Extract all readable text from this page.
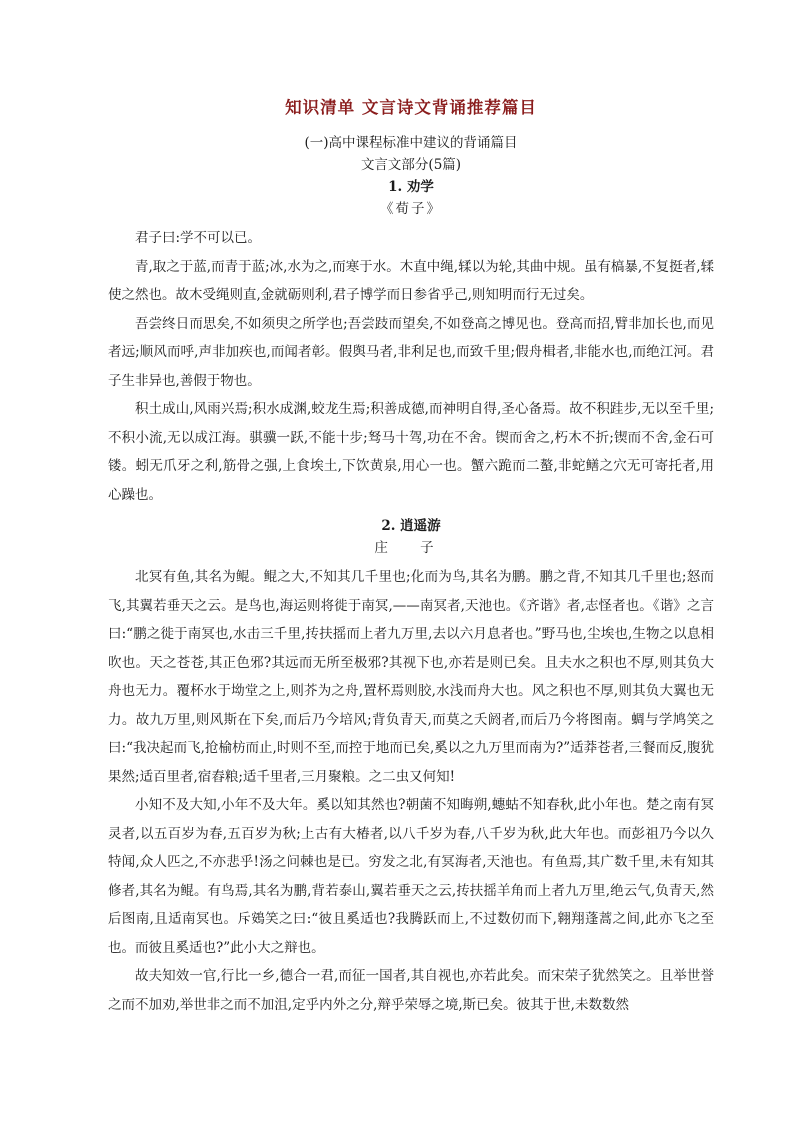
知识清单 文言诗文背诵推荐篇目

(一)高中课程标准中建议的背诵篇目

文言文部分(5篇)

1. 劝学

《荀子》

君子曰:学不可以已。

青,取之于蓝,而青于蓝;冰,水为之,而寒于水。木直中绳,𫐓以为轮,其曲中规。虽有槁暴,不复挺者,𫐓使之然也。故木受绳则直,金就砺则利,君子博学而日参省乎己,则知明而行无过矣。

吾尝终日而思矣,不如须臾之所学也;吾尝跂而望矣,不如登高之博见也。登高而招,臂非加长也,而见者远;顺风而呼,声非加疾也,而闻者彰。假舆马者,非利足也,而致千里;假舟楫者,非能水也,而绝江河。君子生非异也,善假于物也。

积土成山,风雨兴焉;积水成渊,蛟龙生焉;积善成德,而神明自得,圣心备焉。故不积跬步,无以至千里;不积小流,无以成江海。骐骥一跃,不能十步;驽马十驾,功在不舍。锲而舍之,朽木不折;锲而不舍,金石可镂。蚓无爪牙之利,筋骨之强,上食埃土,下饮黄泉,用心一也。蟹六跪而二螯,非蛇鳝之穴无可寄托者,用心躁也。

2. 逍遥游

庄 子

北冥有鱼,其名为鲲。鲲之大,不知其几千里也;化而为鸟,其名为鹏。鹏之背,不知其几千里也;怒而飞,其翼若垂天之云。是鸟也,海运则将徙于南冥,——南冥者,天池也。《齐谐》者,志怪者也。《谐》之言曰:“鹏之徙于南冥也,水击三千里,抟扶摇而上者九万里,去以六月息者也。”野马也,尘埃也,生物之以息相吹也。天之苍苍,其正色邪?其远而无所至极邪?其视下也,亦若是则已矣。且夫水之积也不厚,则其负大舟也无力。覆杯水于坳堂之上,则芥为之舟,置杯焉则胶,水浅而舟大也。风之积也不厚,则其负大翼也无力。故九万里,则风斯在下矣,而后乃今培风;背负青天,而莫之夭阏者,而后乃今将图南。蜩与学鸠笑之曰:“我决起而飞,抢榆枋而止,时则不至,而控于地而已矣,奚以之九万里而南为?”适莽苍者,三餐而反,腹犹果然;适百里者,宿舂粮;适千里者,三月聚粮。之二虫又何知!

小知不及大知,小年不及大年。奚以知其然也?朝菌不知晦朔,蟪蛄不知春秋,此小年也。楚之南有冥灵者,以五百岁为春,五百岁为秋;上古有大椿者,以八千岁为春,八千岁为秋,此大年也。而彭祖乃今以久特闻,众人匹之,不亦悲乎!汤之问棘也是已。穷发之北,有冥海者,天池也。有鱼焉,其广数千里,未有知其修者,其名为鲲。有鸟焉,其名为鹏,背若泰山,翼若垂天之云,抟扶摇羊角而上者九万里,绝云气,负青天,然后图南,且适南冥也。斥鴳笑之曰:“彼且奚适也?我腾跃而上,不过数仞而下,翱翔蓬蒿之间,此亦飞之至也。而彼且奚适也?”此小大之辩也。

故夫知效一官,行比一乡,德合一君,而征一国者,其自视也,亦若此矣。而宋荣子犹然笑之。且举世誉之而不加劝,举世非之而不加沮,定乎内外之分,辩乎荣辱之境,斯已矣。彼其于世,未数数然
